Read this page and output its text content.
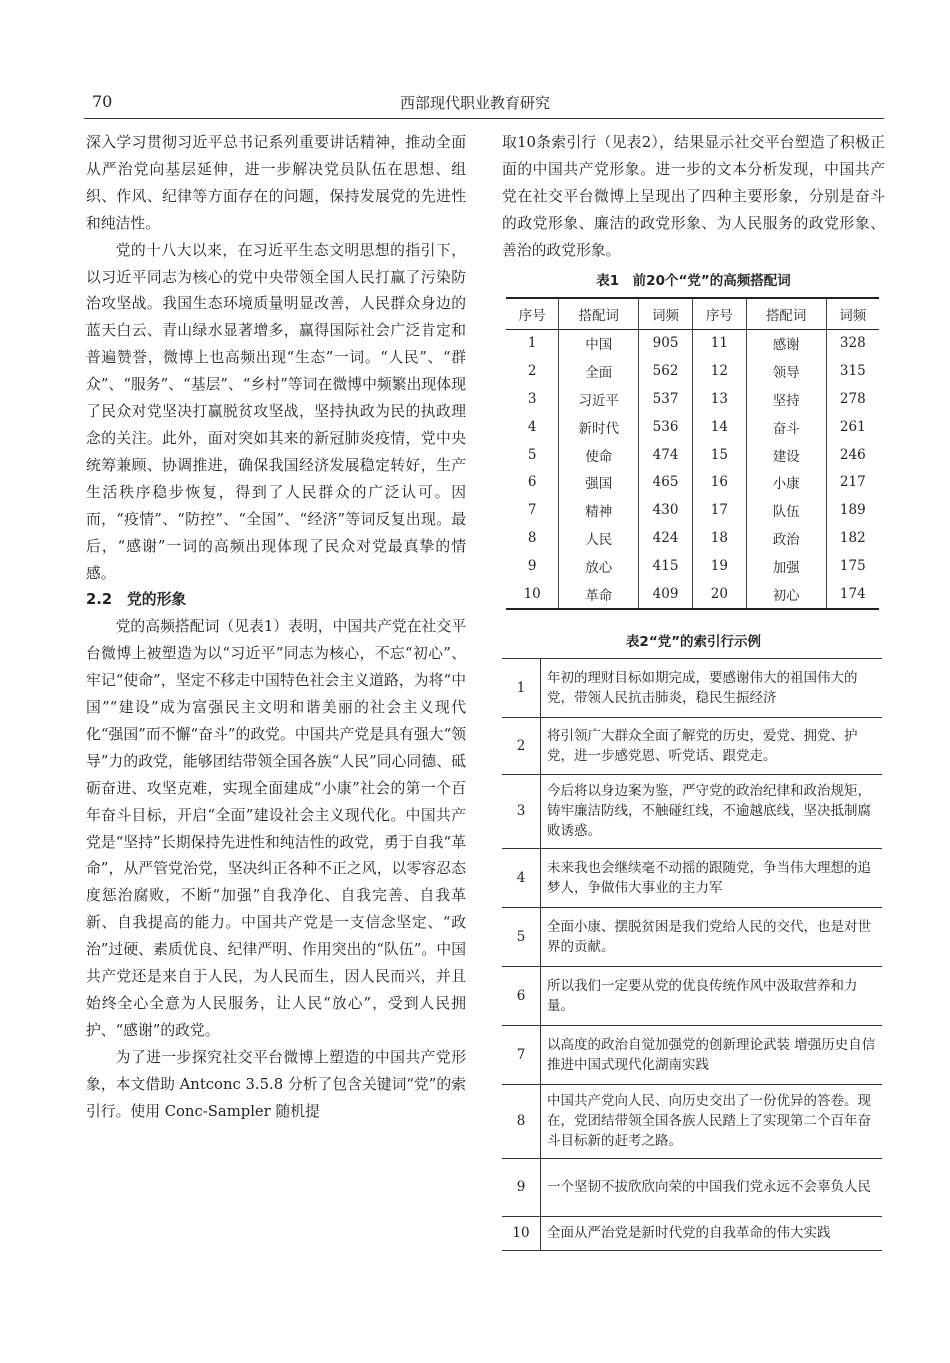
70	西部现代职业教育研究

深入学习贯彻习近平总书记系列重要讲话精神，推动全面从严治党向基层延伸，进一步解决党员队伍在思想、组织、作风、纪律等方面存在的问题，保持发展党的先进性和纯洁性。

党的十八大以来，在习近平生态文明思想的指引下，以习近平同志为核心的党中央带领全国人民打赢了污染防治攻坚战。我国生态环境质量明显改善，人民群众身边的蓝天白云、青山绿水显著增多，赢得国际社会广泛肯定和普遍赞誉，微博上也高频出现“生态”一词。“人民”、“群众”、“服务”、“基层”、“乡村”等词在微博中频繁出现体现了民众对党坚决打赢脱贫攻坚战，坚持执政为民的执政理念的关注。此外，面对突如其来的新冠肺炎疫情，党中央统筹兼顾、协调推进，确保我国经济发展稳定转好，生产生活秩序稳步恢复，得到了人民群众的广泛认可。因而，“疫情”、“防控”、“全国”、“经济”等词反复出现。最后，“感谢”一词的高频出现体现了民众对党最真挚的情感。

2.2　党的形象

党的高频搭配词（见表1）表明，中国共产党在社交平台微博上被塑造为以“习近平”同志为核心，不忘“初心”、牢记“使命”，坚定不移走中国特色社会主义道路，为将“中国”“建设”成为富强民主文明和谐美丽的社会主义现代化“强国”而不懈“奋斗”的政党。中国共产党是具有强大“领导”力的政党，能够团结带领全国各族“人民”同心同德、砥砺奋进、攻坚克难，实现全面建成“小康”社会的第一个百年奋斗目标，开启“全面”建设社会主义现代化。中国共产党是“坚持”长期保持先进性和纯洁性的政党，勇于自我“革命”，从严管党治党，坚决纠正各种不正之风，以零容忍态度惩治腐败，不断“加强”自我净化、自我完善、自我革新、自我提高的能力。中国共产党是一支信念坚定、“政治”过硬、素质优良、纪律严明、作用突出的“队伍”。中国共产党还是来自于人民，为人民而生，因人民而兴，并且始终全心全意为人民服务，让人民“放心”，受到人民拥护、“感谢”的政党。

为了进一步探究社交平台微博上塑造的中国共产党形象，本文借助 Antconc 3.5.8 分析了包含关键词“党”的索引行。使用 Conc-Sampler 随机提

取10条索引行（见表2），结果显示社交平台塑造了积极正面的中国共产党形象。进一步的文本分析发现，中国共产党在社交平台微博上呈现出了四种主要形象，分别是奋斗的政党形象、廉洁的政党形象、为人民服务的政党形象、善治的政党形象。

表1　前20个“党”的高频搭配词
序号	搭配词	词频	序号	搭配词	词频
1	中国	905	11	感谢	328
2	全面	562	12	领导	315
3	习近平	537	13	坚持	278
4	新时代	536	14	奋斗	261
5	使命	474	15	建设	246
6	强国	465	16	小康	217
7	精神	430	17	队伍	189
8	人民	424	18	政治	182
9	放心	415	19	加强	175
10	革命	409	20	初心	174
表2“党”的索引行示例
1	年初的理财目标如期完成，要感谢伟大的祖国伟大的党，带领人民抗击肺炎，稳民生振经济
2	将引领广大群众全面了解党的历史，爱党、拥党、护党，进一步感党恩、听党话、跟党走。
3	今后将以身边案为鉴，严守党的政治纪律和政治规矩，铸牢廉洁防线，不触碰红线，不逾越底线，坚决抵制腐败诱惑。
4	未来我也会继续毫不动摇的跟随党，争当伟大理想的追梦人，争做伟大事业的主力军
5	全面小康、摆脱贫困是我们党给人民的交代，也是对世界的贡献。
6	所以我们一定要从党的优良传统作风中汲取营养和力量。
7	以高度的政治自觉加强党的创新理论武装 增强历史自信推进中国式现代化湖南实践
8	中国共产党向人民、向历史交出了一份优异的答卷。现在，党团结带领全国各族人民踏上了实现第二个百年奋斗目标新的赶考之路。
9	一个坚韧不拔欣欣向荣的中国我们党永远不会辜负人民
10	全面从严治党是新时代党的自我革命的伟大实践
